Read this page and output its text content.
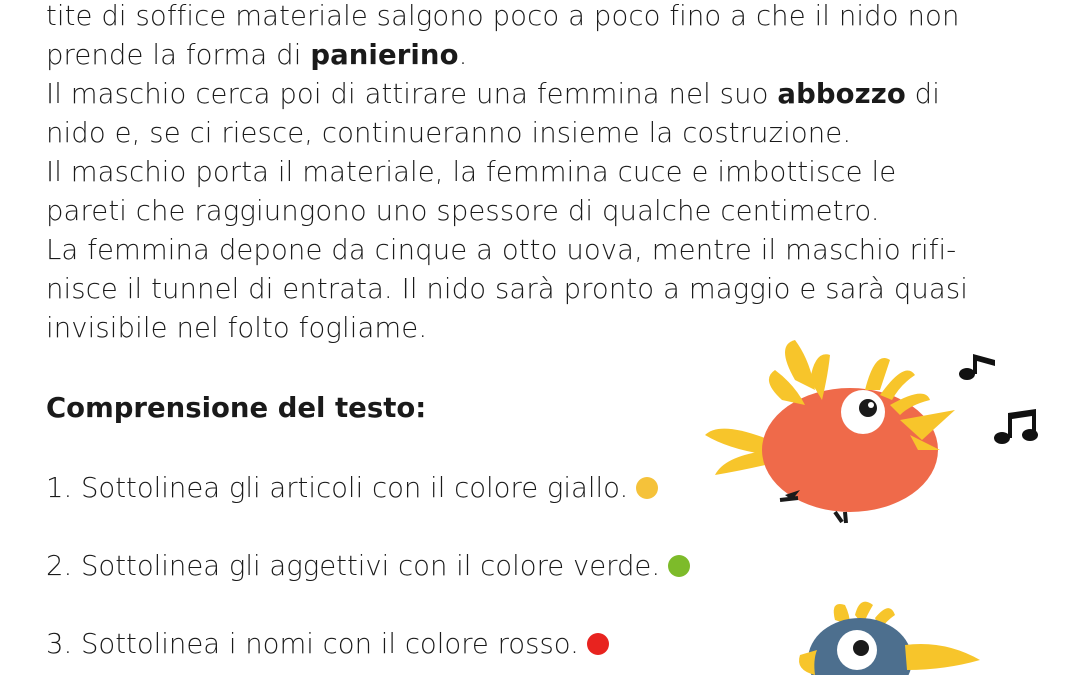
tite di soffice materiale salgono poco a poco fino a che il nido non
prende la forma di panierino.
Il maschio cerca poi di attirare una femmina nel suo abbozzo di
nido e, se ci riesce, continueranno insieme la costruzione.
Il maschio porta il materiale, la femmina cuce e imbottisce le
pareti che raggiungono uno spessore di qualche centimetro.
La femmina depone da cinque a otto uova, mentre il maschio rifi-
nisce il tunnel di entrata. Il nido sarà pronto a maggio e sarà quasi
invisibile nel folto fogliame.
Comprensione del testo:
1. Sottolinea gli articoli con il colore giallo.
2. Sottolinea gli aggettivi con il colore verde.
3. Sottolinea i nomi con il colore rosso.
